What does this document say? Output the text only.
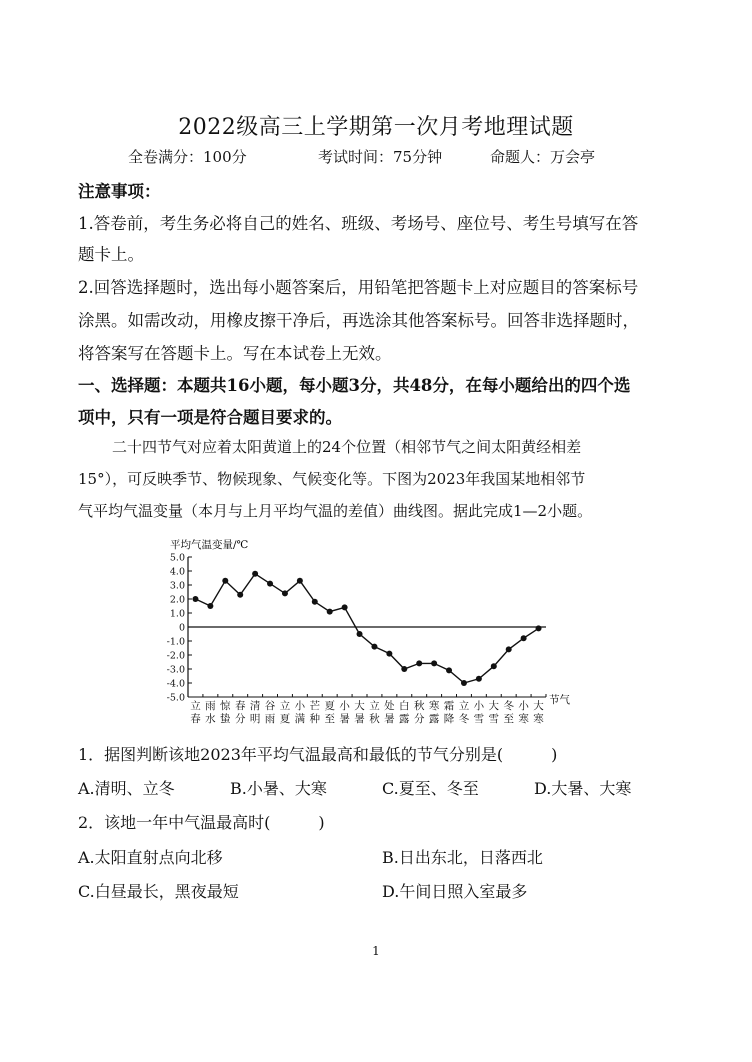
2022级高三上学期第一次月考地理试题
全卷满分：100分	考试时间：75分钟	命题人：万会亭
注意事项：
1.答卷前，考生务必将自己的姓名、班级、考场号、座位号、考生号填写在答
题卡上。
2.回答选择题时，选出每小题答案后，用铅笔把答题卡上对应题目的答案标号
涂黑。如需改动，用橡皮擦干净后，再选涂其他答案标号。回答非选择题时，
将答案写在答题卡上。写在本试卷上无效。
一、选择题：本题共16小题，每小题3分，共48分，在每小题给出的四个选
项中，只有一项是符合题目要求的。
二十四节气对应着太阳黄道上的24个位置（相邻节气之间太阳黄经相差
15°），可反映季节、物候现象、气候变化等。下图为2023年我国某地相邻节
气平均气温变量（本月与上月平均气温的差值）曲线图。据此完成1—2小题。
平均气温变量/℃
节气
5.0
4.0
3.0
2.0
1.0
0
-1.0
-2.0
-3.0
-4.0
-5.0
立
春
雨
水
惊
蛰
春
分
清
明
谷
雨
立
夏
小
满
芒
种
夏
至
小
暑
大
暑
立
秋
处
暑
白
露
秋
分
寒
露
霜
降
立
冬
小
雪
大
雪
冬
至
小
寒
大
寒
1．据图判断该地2023年平均气温最高和最低的节气分别是(　　　)
A.清明、立冬	B.小暑、大寒	C.夏至、冬至	D.大暑、大寒
2．该地一年中气温最高时(　　　)
A.太阳直射点向北移	B.日出东北，日落西北
C.白昼最长，黑夜最短	D.午间日照入室最多
1
